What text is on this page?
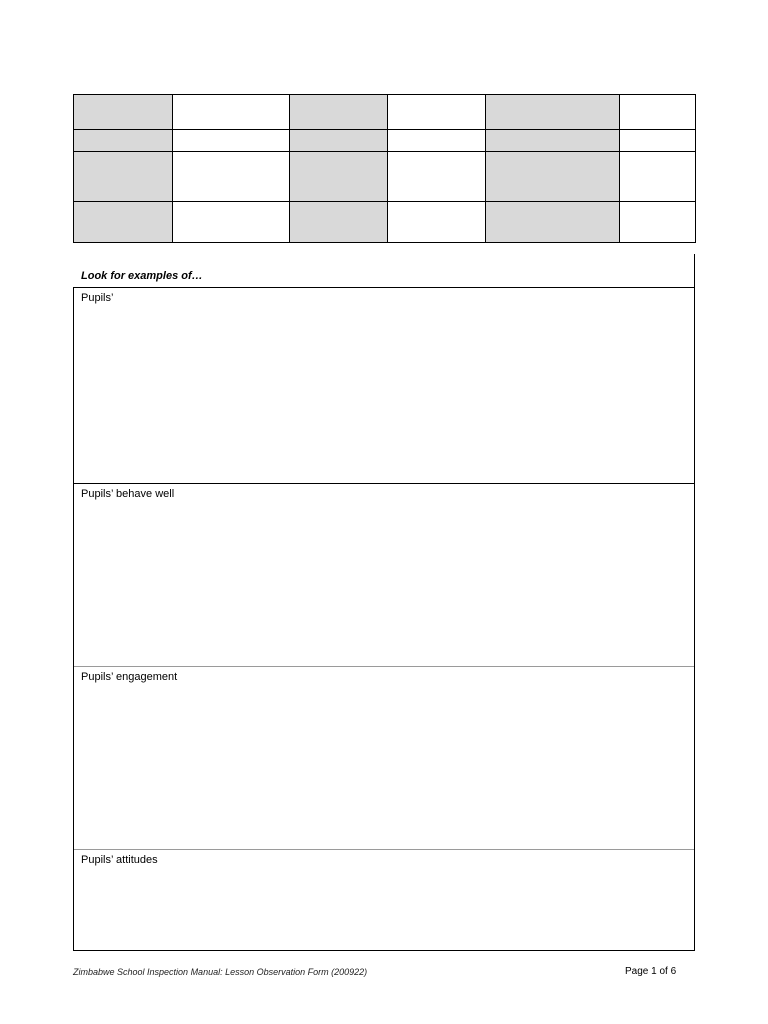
Look for examples of…
Pupils’
Pupils’ behave well
Pupils’ engagement
Pupils’ attitudes
Zimbabwe School Inspection Manual: Lesson Observation Form (200922)	Page 1 of 6
